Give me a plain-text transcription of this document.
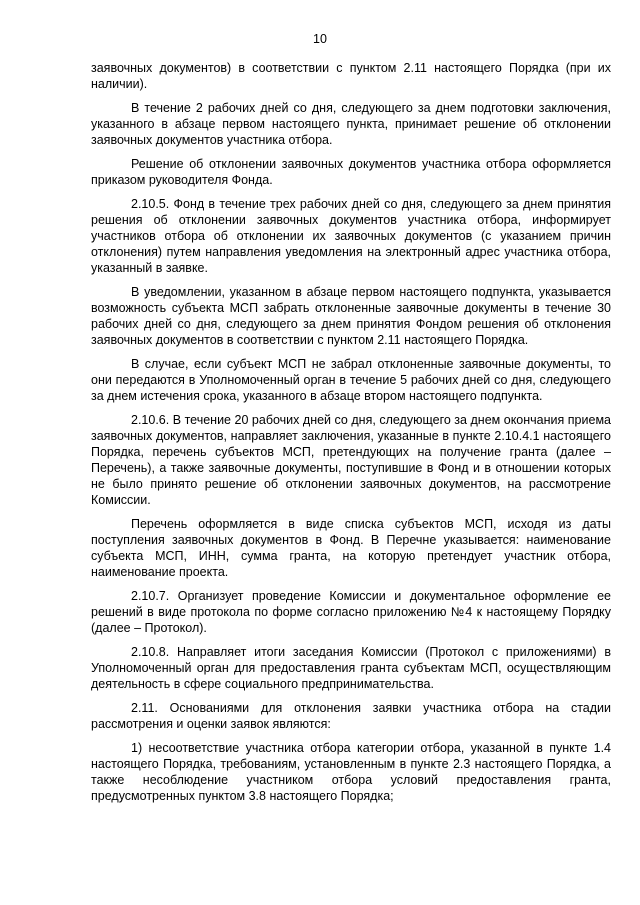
10

заявочных документов) в соответствии с пунктом 2.11 настоящего Порядка (при их наличии).

В течение 2 рабочих дней со дня, следующего за днем подготовки заключения, указанного в абзаце первом настоящего пункта, принимает решение об отклонении заявочных документов участника отбора.

Решение об отклонении заявочных документов участника отбора оформляется приказом руководителя Фонда.

2.10.5. Фонд в течение трех рабочих дней со дня, следующего за днем принятия решения об отклонении заявочных документов участника отбора, информирует участников отбора об отклонении их заявочных документов (с указанием причин отклонения) путем направления уведомления на электронный адрес участника отбора, указанный в заявке.

В уведомлении, указанном в абзаце первом настоящего подпункта, указывается возможность субъекта МСП забрать отклоненные заявочные документы в течение 30 рабочих дней со дня, следующего за днем принятия Фондом решения об отклонения заявочных документов в соответствии с пунктом 2.11 настоящего Порядка.

В случае, если субъект МСП не забрал отклоненные заявочные документы, то они передаются в Уполномоченный орган в течение 5 рабочих дней со дня, следующего за днем истечения срока, указанного в абзаце втором настоящего подпункта.

2.10.6. В течение 20 рабочих дней со дня, следующего за днем окончания приема заявочных документов, направляет заключения, указанные в пункте 2.10.4.1 настоящего Порядка, перечень субъектов МСП, претендующих на получение гранта (далее – Перечень), а также заявочные документы, поступившие в Фонд и в отношении которых не было принято решение об отклонении заявочных документов, на рассмотрение Комиссии.

Перечень оформляется в виде списка субъектов МСП, исходя из даты поступления заявочных документов в Фонд. В Перечне указывается: наименование субъекта МСП, ИНН, сумма гранта, на которую претендует участник отбора, наименование проекта.

2.10.7. Организует проведение Комиссии и документальное оформление ее решений в виде протокола по форме согласно приложению №4 к настоящему Порядку (далее – Протокол).

2.10.8. Направляет итоги заседания Комиссии (Протокол с приложениями) в Уполномоченный орган для предоставления гранта субъектам МСП, осуществляющим деятельность в сфере социального предпринимательства.

2.11. Основаниями для отклонения заявки участника отбора на стадии рассмотрения и оценки заявок являются:

1) несоответствие участника отбора категории отбора, указанной в пункте 1.4 настоящего Порядка, требованиям, установленным в пункте 2.3 настоящего Порядка, а также несоблюдение участником отбора условий предоставления гранта, предусмотренных пунктом 3.8 настоящего Порядка;
